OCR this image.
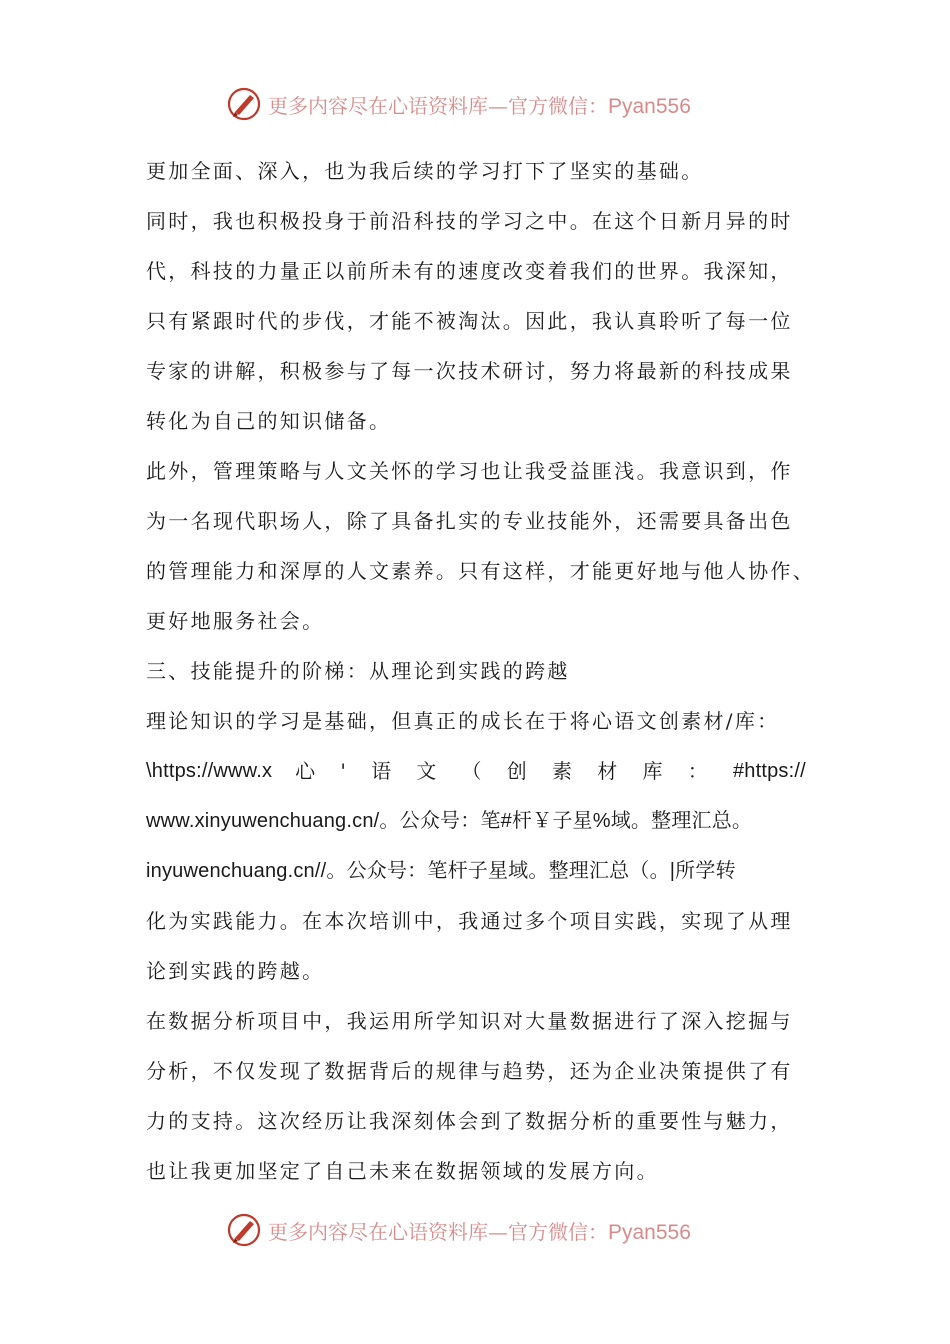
更多内容尽在心语资料库—官方微信：Pyan556
更加全面、深入，也为我后续的学习打下了坚实的基础。
同时，我也积极投身于前沿科技的学习之中。在这个日新月异的时
代，科技的力量正以前所未有的速度改变着我们的世界。我深知，
只有紧跟时代的步伐，才能不被淘汰。因此，我认真聆听了每一位
专家的讲解，积极参与了每一次技术研讨，努力将最新的科技成果
转化为自己的知识储备。
此外，管理策略与人文关怀的学习也让我受益匪浅。我意识到，作
为一名现代职场人，除了具备扎实的专业技能外，还需要具备出色
的管理能力和深厚的人文素养。只有这样，才能更好地与他人协作、
更好地服务社会。
三、技能提升的阶梯：从理论到实践的跨越
理论知识的学习是基础，但真正的成长在于将心语文创素材/库：
\https://www.x 心 ' 语 文 （ 创 素 材 库 ： #https://
www.xinyuwenchuang.cn/。公众号：笔#杆￥子星%域。整理汇总。
inyuwenchuang.cn//。公众号：笔杆子星域。整理汇总（。|所学转
化为实践能力。在本次培训中，我通过多个项目实践，实现了从理
论到实践的跨越。
在数据分析项目中，我运用所学知识对大量数据进行了深入挖掘与
分析，不仅发现了数据背后的规律与趋势，还为企业决策提供了有
力的支持。这次经历让我深刻体会到了数据分析的重要性与魅力，
也让我更加坚定了自己未来在数据领域的发展方向。
更多内容尽在心语资料库—官方微信：Pyan556
